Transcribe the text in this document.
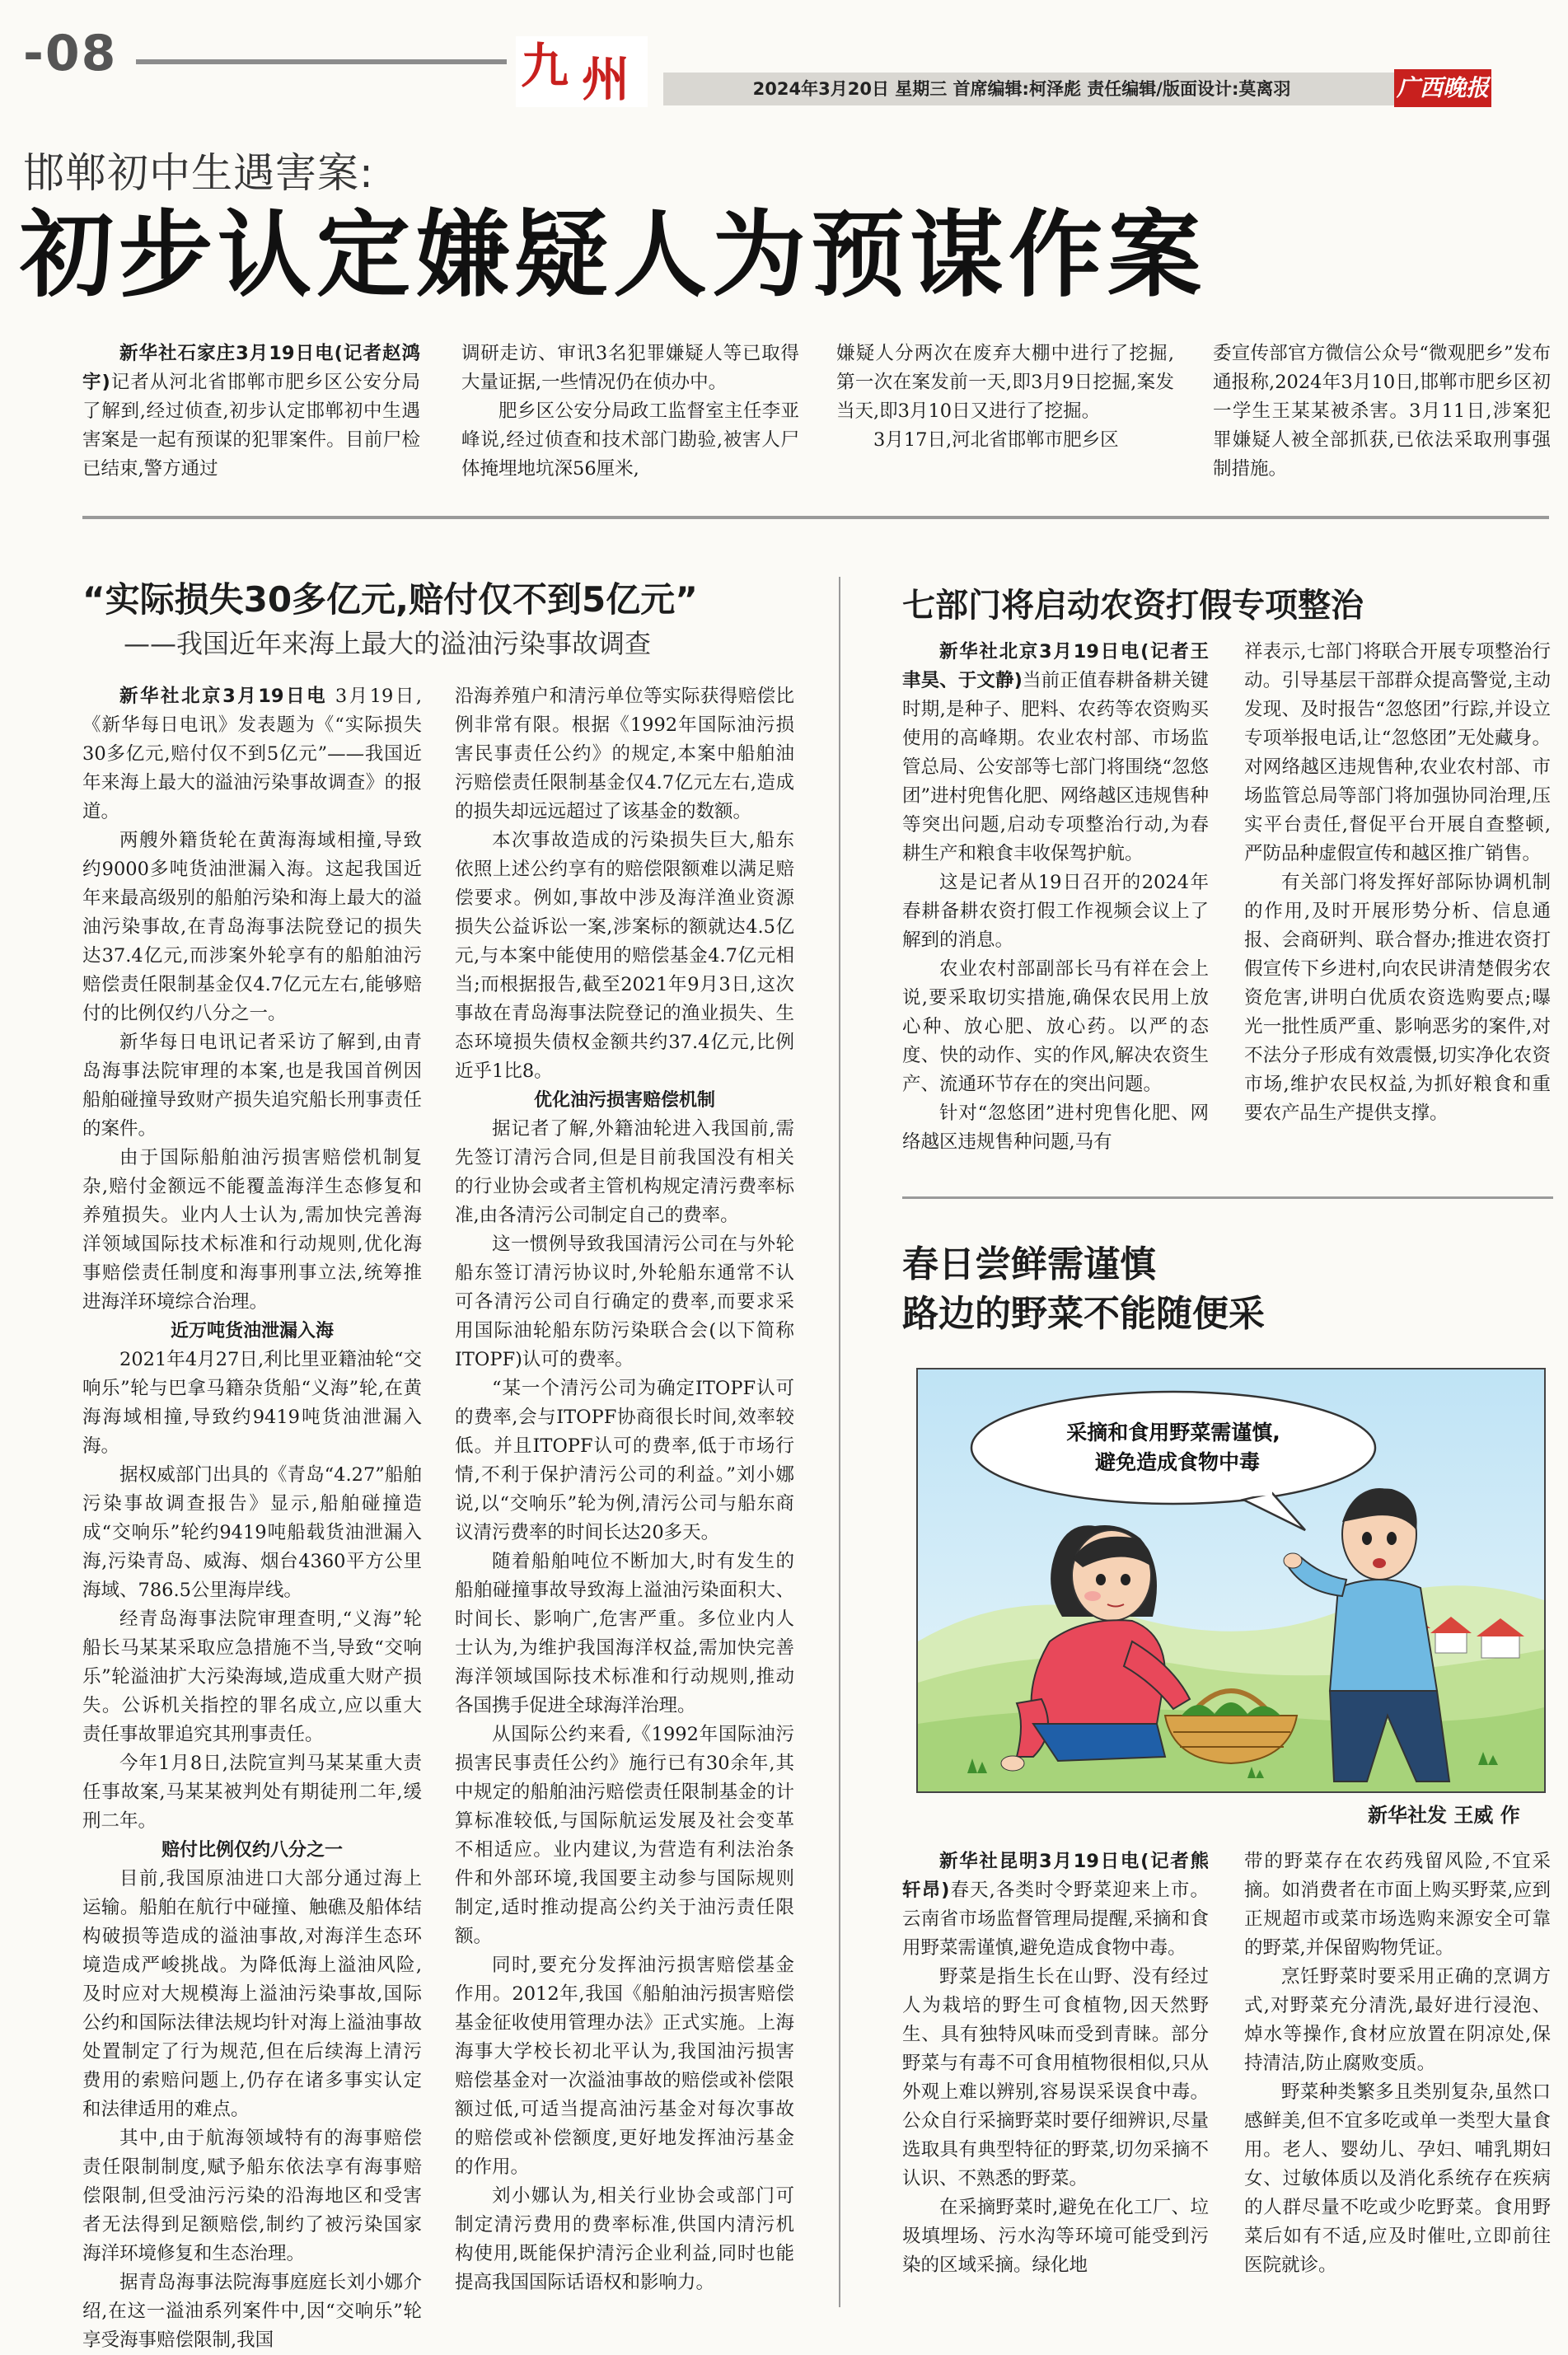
-08	九 州	2024年3月20日 星期三 首席编辑:柯泽彪 责任编辑/版面设计:莫离羽	广西晚报
邯郸初中生遇害案:
初步认定嫌疑人为预谋作案

新华社石家庄3月19日电(记者赵鸿宇)记者从河北省邯郸市肥乡区公安分局了解到,经过侦查,初步认定邯郸初中生遇害案是一起有预谋的犯罪案件。目前尸检已结束,警方通过

调研走访、审讯3名犯罪嫌疑人等已取得大量证据,一些情况仍在侦办中。

肥乡区公安分局政工监督室主任李亚峰说,经过侦查和技术部门勘验,被害人尸体掩埋地坑深56厘米,

嫌疑人分两次在废弃大棚中进行了挖掘,第一次在案发前一天,即3月9日挖掘,案发当天,即3月10日又进行了挖掘。

3月17日,河北省邯郸市肥乡区

委宣传部官方微信公众号“微观肥乡”发布通报称,2024年3月10日,邯郸市肥乡区初一学生王某某被杀害。3月11日,涉案犯罪嫌疑人被全部抓获,已依法采取刑事强制措施。

“实际损失30多亿元,赔付仅不到5亿元”
——我国近年来海上最大的溢油污染事故调查

新华社北京3月19日电 3月19日,《新华每日电讯》发表题为《“实际损失30多亿元,赔付仅不到5亿元”——我国近年来海上最大的溢油污染事故调查》的报道。

两艘外籍货轮在黄海海域相撞,导致约9000多吨货油泄漏入海。这起我国近年来最高级别的船舶污染和海上最大的溢油污染事故,在青岛海事法院登记的损失达37.4亿元,而涉案外轮享有的船舶油污赔偿责任限制基金仅4.7亿元左右,能够赔付的比例仅约八分之一。

新华每日电讯记者采访了解到,由青岛海事法院审理的本案,也是我国首例因船舶碰撞导致财产损失追究船长刑事责任的案件。

由于国际船舶油污损害赔偿机制复杂,赔付金额远不能覆盖海洋生态修复和养殖损失。业内人士认为,需加快完善海洋领域国际技术标准和行动规则,优化海事赔偿责任制度和海事刑事立法,统筹推进海洋环境综合治理。

近万吨货油泄漏入海

2021年4月27日,利比里亚籍油轮“交响乐”轮与巴拿马籍杂货船“义海”轮,在黄海海域相撞,导致约9419吨货油泄漏入海。

据权威部门出具的《青岛“4.27”船舶污染事故调查报告》显示,船舶碰撞造成“交响乐”轮约9419吨船载货油泄漏入海,污染青岛、威海、烟台4360平方公里海域、786.5公里海岸线。

经青岛海事法院审理查明,“义海”轮船长马某某采取应急措施不当,导致“交响乐”轮溢油扩大污染海域,造成重大财产损失。公诉机关指控的罪名成立,应以重大责任事故罪追究其刑事责任。

今年1月8日,法院宣判马某某重大责任事故案,马某某被判处有期徒刑二年,缓刑二年。

赔付比例仅约八分之一

目前,我国原油进口大部分通过海上运输。船舶在航行中碰撞、触礁及船体结构破损等造成的溢油事故,对海洋生态环境造成严峻挑战。为降低海上溢油风险,及时应对大规模海上溢油污染事故,国际公约和国际法律法规均针对海上溢油事故处置制定了行为规范,但在后续海上清污费用的索赔问题上,仍存在诸多事实认定和法律适用的难点。

其中,由于航海领域特有的海事赔偿责任限制制度,赋予船东依法享有海事赔偿限制,但受油污污染的沿海地区和受害者无法得到足额赔偿,制约了被污染国家海洋环境修复和生态治理。

据青岛海事法院海事庭庭长刘小娜介绍,在这一溢油系列案件中,因“交响乐”轮享受海事赔偿限制,我国

沿海养殖户和清污单位等实际获得赔偿比例非常有限。根据《1992年国际油污损害民事责任公约》的规定,本案中船舶油污赔偿责任限制基金仅4.7亿元左右,造成的损失却远远超过了该基金的数额。

本次事故造成的污染损失巨大,船东依照上述公约享有的赔偿限额难以满足赔偿要求。例如,事故中涉及海洋渔业资源损失公益诉讼一案,涉案标的额就达4.5亿元,与本案中能使用的赔偿基金4.7亿元相当;而根据报告,截至2021年9月3日,这次事故在青岛海事法院登记的渔业损失、生态环境损失债权金额共约37.4亿元,比例近乎1比8。

优化油污损害赔偿机制

据记者了解,外籍油轮进入我国前,需先签订清污合同,但是目前我国没有相关的行业协会或者主管机构规定清污费率标准,由各清污公司制定自己的费率。

这一惯例导致我国清污公司在与外轮船东签订清污协议时,外轮船东通常不认可各清污公司自行确定的费率,而要求采用国际油轮船东防污染联合会(以下简称ITOPF)认可的费率。

“某一个清污公司为确定ITOPF认可的费率,会与ITOPF协商很长时间,效率较低。并且ITOPF认可的费率,低于市场行情,不利于保护清污公司的利益。”刘小娜说,以“交响乐”轮为例,清污公司与船东商议清污费率的时间长达20多天。

随着船舶吨位不断加大,时有发生的船舶碰撞事故导致海上溢油污染面积大、时间长、影响广,危害严重。多位业内人士认为,为维护我国海洋权益,需加快完善海洋领域国际技术标准和行动规则,推动各国携手促进全球海洋治理。

从国际公约来看,《1992年国际油污损害民事责任公约》施行已有30余年,其中规定的船舶油污赔偿责任限制基金的计算标准较低,与国际航运发展及社会变革不相适应。业内建议,为营造有利法治条件和外部环境,我国要主动参与国际规则制定,适时推动提高公约关于油污责任限额。

同时,要充分发挥油污损害赔偿基金作用。2012年,我国《船舶油污损害赔偿基金征收使用管理办法》正式实施。上海海事大学校长初北平认为,我国油污损害赔偿基金对一次溢油事故的赔偿或补偿限额过低,可适当提高油污基金对每次事故的赔偿或补偿额度,更好地发挥油污基金的作用。

刘小娜认为,相关行业协会或部门可制定清污费用的费率标准,供国内清污机构使用,既能保护清污企业利益,同时也能提高我国国际话语权和影响力。

七部门将启动农资打假专项整治

新华社北京3月19日电(记者王聿昊、于文静)当前正值春耕备耕关键时期,是种子、肥料、农药等农资购买使用的高峰期。农业农村部、市场监管总局、公安部等七部门将围绕“忽悠团”进村兜售化肥、网络越区违规售种等突出问题,启动专项整治行动,为春耕生产和粮食丰收保驾护航。

这是记者从19日召开的2024年春耕备耕农资打假工作视频会议上了解到的消息。

农业农村部副部长马有祥在会上说,要采取切实措施,确保农民用上放心种、放心肥、放心药。以严的态度、快的动作、实的作风,解决农资生产、流通环节存在的突出问题。

针对“忽悠团”进村兜售化肥、网络越区违规售种问题,马有

祥表示,七部门将联合开展专项整治行动。引导基层干部群众提高警觉,主动发现、及时报告“忽悠团”行踪,并设立专项举报电话,让“忽悠团”无处藏身。对网络越区违规售种,农业农村部、市场监管总局等部门将加强协同治理,压实平台责任,督促平台开展自查整顿,严防品种虚假宣传和越区推广销售。

有关部门将发挥好部际协调机制的作用,及时开展形势分析、信息通报、会商研判、联合督办;推进农资打假宣传下乡进村,向农民讲清楚假劣农资危害,讲明白优质农资选购要点;曝光一批性质严重、影响恶劣的案件,对不法分子形成有效震慑,切实净化农资市场,维护农民权益,为抓好粮食和重要农产品生产提供支撑。

春日尝鲜需谨慎
路边的野菜不能随便采
采摘和食用野菜需谨慎,
避免造成食物中毒
新华社发 王威 作

新华社昆明3月19日电(记者熊轩昂)春天,各类时令野菜迎来上市。云南省市场监督管理局提醒,采摘和食用野菜需谨慎,避免造成食物中毒。

野菜是指生长在山野、没有经过人为栽培的野生可食植物,因天然野生、具有独特风味而受到青睐。部分野菜与有毒不可食用植物很相似,只从外观上难以辨别,容易误采误食中毒。公众自行采摘野菜时要仔细辨识,尽量选取具有典型特征的野菜,切勿采摘不认识、不熟悉的野菜。

在采摘野菜时,避免在化工厂、垃圾填埋场、污水沟等环境可能受到污染的区域采摘。绿化地

带的野菜存在农药残留风险,不宜采摘。如消费者在市面上购买野菜,应到正规超市或菜市场选购来源安全可靠的野菜,并保留购物凭证。

烹饪野菜时要采用正确的烹调方式,对野菜充分清洗,最好进行浸泡、焯水等操作,食材应放置在阴凉处,保持清洁,防止腐败变质。

野菜种类繁多且类别复杂,虽然口感鲜美,但不宜多吃或单一类型大量食用。老人、婴幼儿、孕妇、哺乳期妇女、过敏体质以及消化系统存在疾病的人群尽量不吃或少吃野菜。食用野菜后如有不适,应及时催吐,立即前往医院就诊。
